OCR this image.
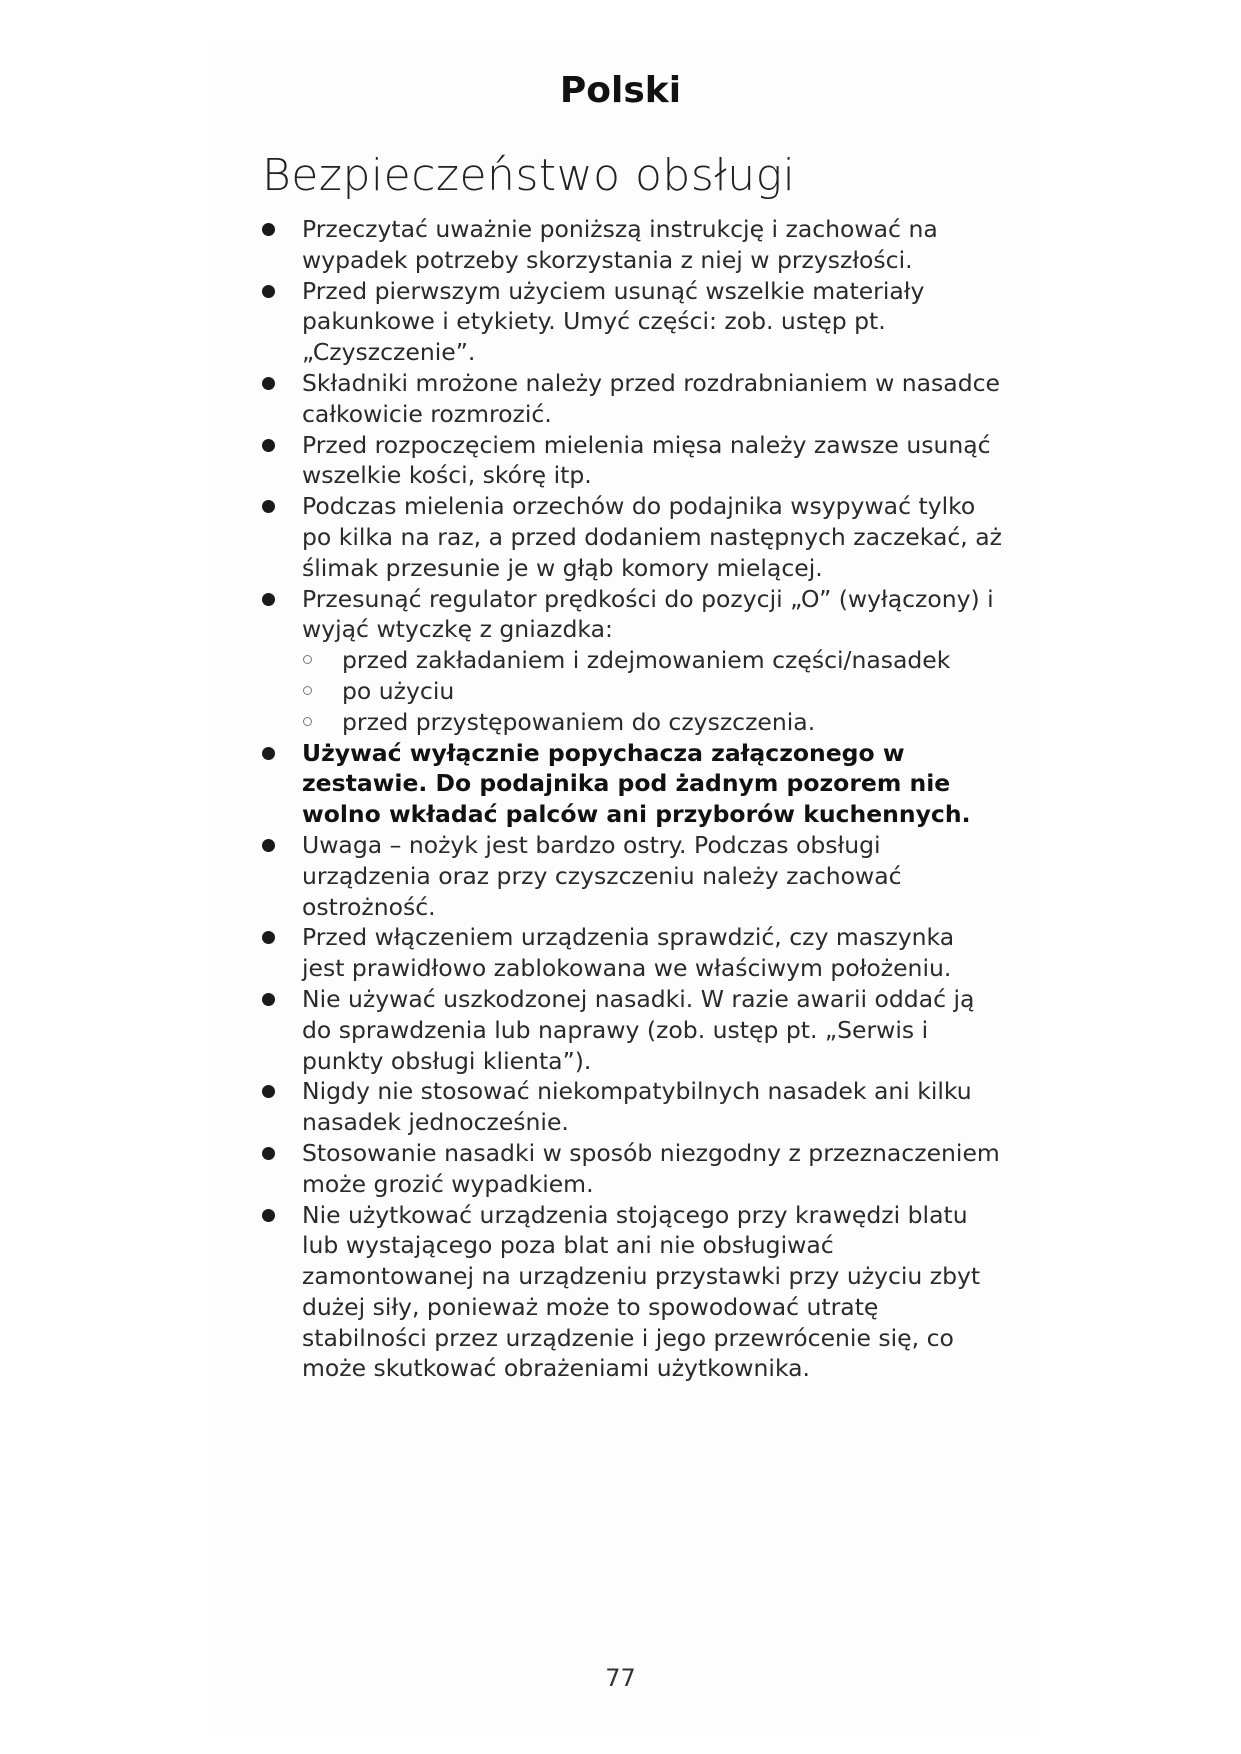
Polski
Bezpieczeństwo obsługi
Przeczytać uważnie poniższą instrukcję i zachować na wypadek potrzeby skorzystania z niej w przyszłości.
Przed pierwszym użyciem usunąć wszelkie materiały pakunkowe i etykiety. Umyć części: zob. ustęp pt. „Czyszczenie”.
Składniki mrożone należy przed rozdrabnianiem w nasadce całkowicie rozmrozić.
Przed rozpoczęciem mielenia mięsa należy zawsze usunąć wszelkie kości, skórę itp.
Podczas mielenia orzechów do podajnika wsypywać tylko po kilka na raz, a przed dodaniem następnych zaczekać, aż ślimak przesunie je w głąb komory mielącej.
Przesunąć regulator prędkości do pozycji „O” (wyłączony) i wyjąć wtyczkę z gniazdka:
przed zakładaniem i zdejmowaniem części/nasadek
po użyciu
przed przystępowaniem do czyszczenia.
Używać wyłącznie popychacza załączonego w zestawie. Do podajnika pod żadnym pozorem nie wolno wkładać palców ani przyborów kuchennych.
Uwaga – nożyk jest bardzo ostry. Podczas obsługi urządzenia oraz przy czyszczeniu należy zachować ostrożność.
Przed włączeniem urządzenia sprawdzić, czy maszynka jest prawidłowo zablokowana we właściwym położeniu.
Nie używać uszkodzonej nasadki. W razie awarii oddać ją do sprawdzenia lub naprawy (zob. ustęp pt. „Serwis i punkty obsługi klienta”).
Nigdy nie stosować niekompatybilnych nasadek ani kilku nasadek jednocześnie.
Stosowanie nasadki w sposób niezgodny z przeznaczeniem może grozić wypadkiem.
Nie użytkować urządzenia stojącego przy krawędzi blatu lub wystającego poza blat ani nie obsługiwać zamontowanej na urządzeniu przystawki przy użyciu zbyt dużej siły, ponieważ może to spowodować utratę stabilności przez urządzenie i jego przewrócenie się, co może skutkować obrażeniami użytkownika.

77
